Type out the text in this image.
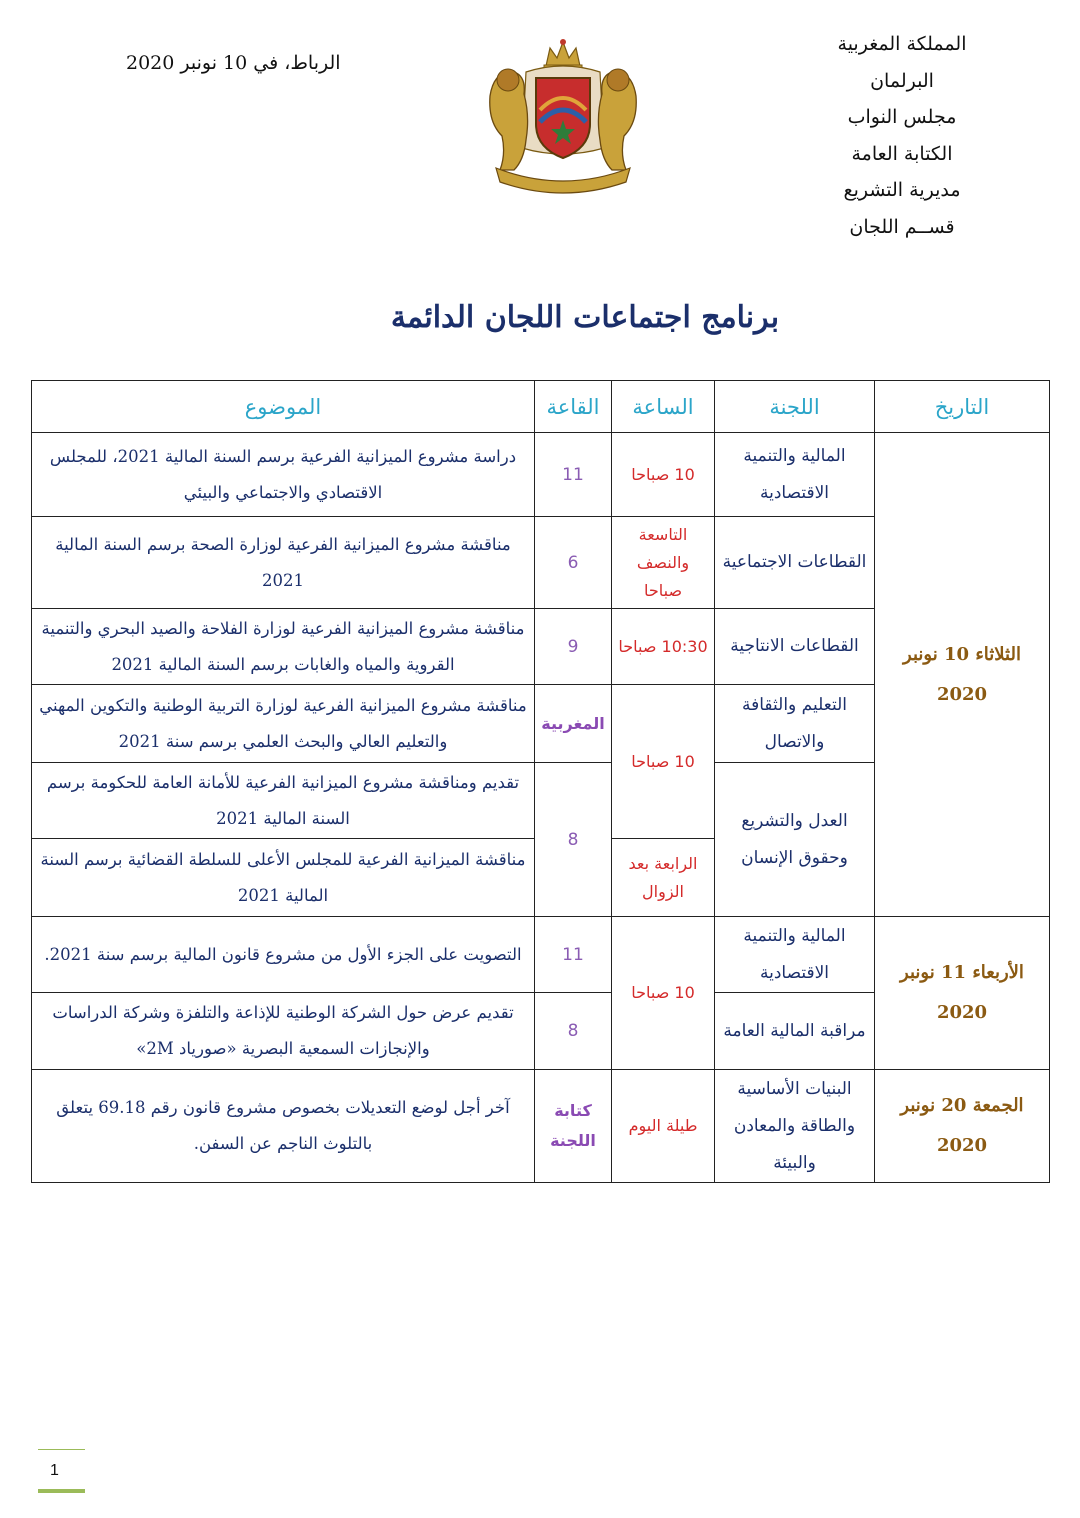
المملكة المغربية
البرلمان
مجلس النواب
الكتابة العامة
مديرية التشريع
قســم اللجان
الرباط، في 10 نونبر 2020
برنامج اجتماعات اللجان الدائمة
التاريخ	اللجنة	الساعة	القاعة	الموضوع
الثلاثاء 10 نونبر 2020	المالية والتنمية الاقتصادية	10 صباحا	11	دراسة مشروع الميزانية الفرعية برسم السنة المالية 2021، للمجلس الاقتصادي والاجتماعي والبيئي
	القطاعات الاجتماعية	التاسعة والنصف صباحا	6	مناقشة مشروع الميزانية الفرعية لوزارة الصحة برسم السنة المالية 2021
	القطاعات الانتاجية	10:30 صباحا	9	مناقشة مشروع الميزانية الفرعية لوزارة الفلاحة والصيد البحري والتنمية القروية والمياه والغابات برسم السنة المالية 2021
	التعليم والثقافة والاتصال	10 صباحا	المغربية	مناقشة مشروع الميزانية الفرعية لوزارة التربية الوطنية والتكوين المهني والتعليم العالي والبحث العلمي برسم سنة 2021
	العدل والتشريع وحقوق الإنسان		8	تقديم ومناقشة مشروع الميزانية الفرعية للأمانة العامة للحكومة برسم السنة المالية 2021
		الرابعة بعد الزوال		مناقشة الميزانية الفرعية للمجلس الأعلى للسلطة القضائية برسم السنة المالية 2021
الأربعاء 11 نونبر 2020	المالية والتنمية الاقتصادية	10 صباحا	11	التصويت على الجزء الأول من مشروع قانون المالية برسم سنة 2021.
	مراقبة المالية العامة		8	تقديم عرض حول الشركة الوطنية للإذاعة والتلفزة وشركة الدراسات والإنجازات السمعية البصرية «صورياد 2M»
الجمعة 20 نونبر 2020	البنيات الأساسية والطاقة والمعادن والبيئة	طيلة اليوم	كتابة اللجنة	آخر أجل لوضع التعديلات بخصوص مشروع قانون رقم 69.18 يتعلق بالتلوث الناجم عن السفن.
1
